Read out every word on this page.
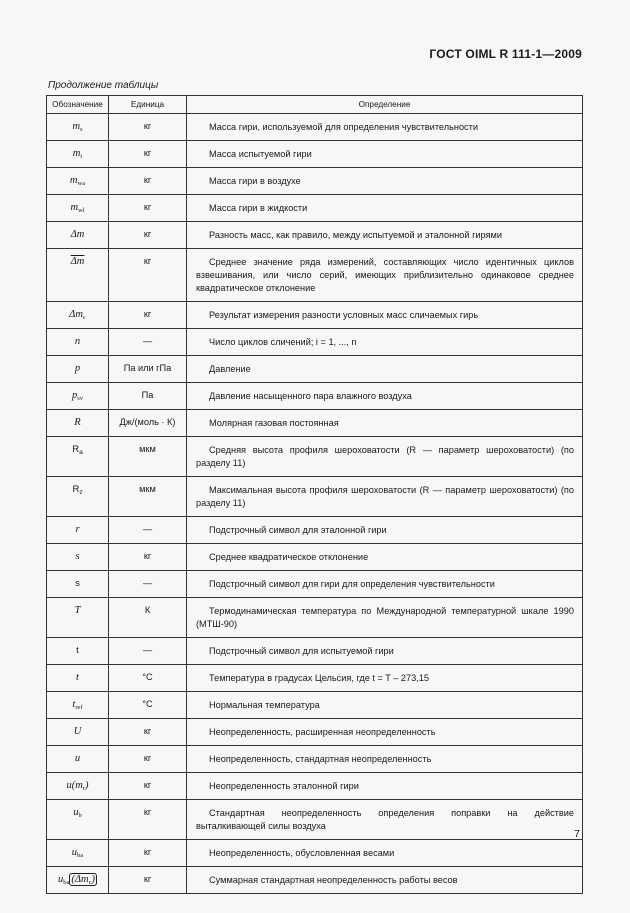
ГОСТ OIML R 111-1—2009
Продолжение таблицы
Обозначение	Единица	Определение
$m_s$	кг	Масса гири, используемой для определения чувствительности
$m_t$	кг	Масса испытуемой гири
$m_{wa}$	кг	Масса гири в воздухе
$m_{wl}$	кг	Масса гири в жидкости
Δm	кг	Разность масс, как правило, между испытуемой и эталонной гирями
$\overline{\Delta m}$	кг	Среднее значение ряда измерений, составляющих число идентичных циклов взвешивания, или число серий, имеющих приблизительно одинаковое среднее квадратическое отклонение
$\Delta m_c$	кг	Результат измерения разности условных масс сличаемых гирь
n	—	Число циклов сличений; i = 1, ..., n
p	Па или гПа	Давление
$p_{sv}$	Па	Давление насыщенного пара влажного воздуха
R	Дж/(моль · К)	Молярная газовая постоянная
$R_a$	мкм	Средняя высота профиля шероховатости (R — параметр шероховатости) (по разделу 11)
$R_z$	мкм	Максимальная высота профиля шероховатости (R — параметр шероховатости) (по разделу 11)
r	—	Подстрочный символ для эталонной гири
s	кг	Среднее квадратическое отклонение
s	—	Подстрочный символ для гири для определения чувствительности
T	К	Термодинамическая температура по Международной температурной шкале 1990 (МТШ-90)
t	—	Подстрочный символ для испытуемой гири
t	°С	Температура в градусах Цельсия, где t = T – 273,15
$t_{ref}$	°С	Нормальная температура
U	кг	Неопределенность, расширенная неопределенность
u	кг	Неопределенность, стандартная неопределенность
$u(m_r)$	кг	Неопределенность эталонной гири
$u_b$	кг	Стандартная неопределенность определения поправки на действие выталкивающей силы воздуха
$u_{ba}$	кг	Неопределенность, обусловленная весами
$u_{ba}$ $(\Delta m_c)$	кг	Суммарная стандартная неопределенность работы весов
7
